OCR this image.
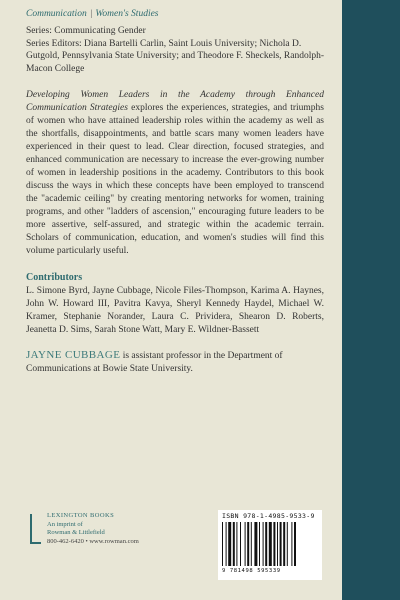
Communication | Women's Studies
Series: Communicating Gender
Series Editors: Diana Bartelli Carlin, Saint Louis University; Nichola D. Gutgold, Pennsylvania State University; and Theodore F. Sheckels, Randolph-Macon College

Developing Women Leaders in the Academy through Enhanced Communication Strategies explores the experiences, strategies, and triumphs of women who have attained leadership roles within the academy as well as the shortfalls, disappointments, and battle scars many women leaders have experienced in their quest to lead. Clear direction, focused strategies, and enhanced communication are necessary to increase the ever-growing number of women in leadership positions in the academy. Contributors to this book discuss the ways in which these concepts have been employed to transcend the "academic ceiling" by creating mentoring networks for women, training programs, and other "ladders of ascension," encouraging future leaders to be more assertive, self-assured, and strategic within the academic terrain. Scholars of communication, education, and women's studies will find this volume particularly useful.

Contributors

L. Simone Byrd, Jayne Cubbage, Nicole Files-Thompson, Karima A. Haynes, John W. Howard III, Pavitra Kavya, Sheryl Kennedy Haydel, Michael W. Kramer, Stephanie Norander, Laura C. Prividera, Shearon D. Roberts, Jeanetta D. Sims, Sarah Stone Watt, Mary E. Wildner-Bassett

JAYNE CUBBAGE is assistant professor in the Department of Communications at Bowie State University.

LEXINGTON BOOKS
An imprint of
Rowman & Littlefield
800-462-6420 • www.rowman.com
ISBN 978-1-4985-9533-9
9 781498 595339
